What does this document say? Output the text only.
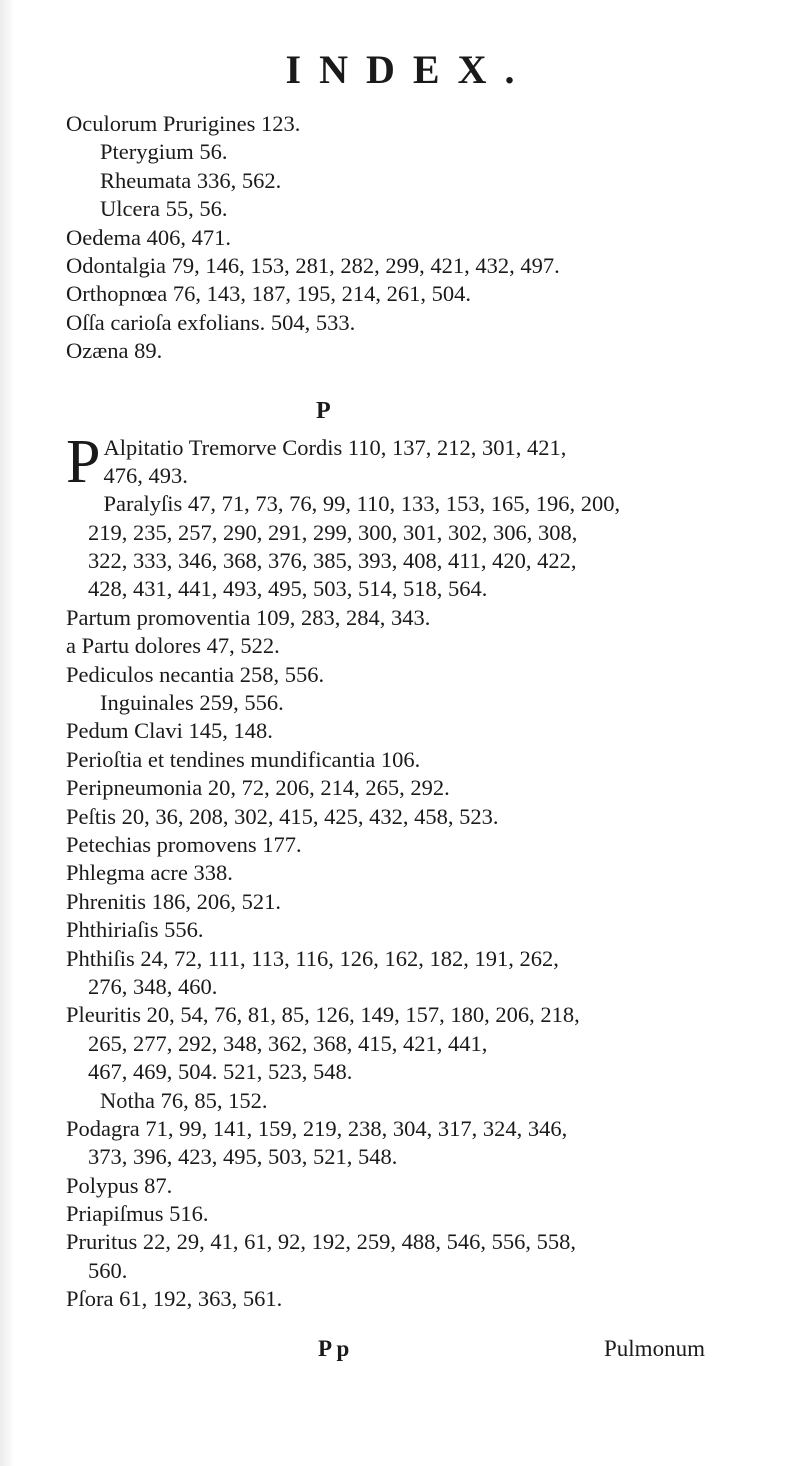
INDEX.
Oculorum Prurigines 123.
Pterygium 56.
Rheumata 336, 562.
Ulcera 55, 56.
Oedema 406, 471.
Odontalgia 79, 146, 153, 281, 282, 299, 421, 432, 497.
Orthopnœa 76, 143, 187, 195, 214, 261, 504.
Oſſa carioſa exfolians. 504, 533.
Ozæna 89.
P
P Alpitatio Tremorve Cordis 110, 137, 212, 301, 421,
476, 493.
Paralyſis 47, 71, 73, 76, 99, 110, 133, 153, 165, 196, 200,
219, 235, 257, 290, 291, 299, 300, 301, 302, 306, 308,
322, 333, 346, 368, 376, 385, 393, 408, 411, 420, 422,
428, 431, 441, 493, 495, 503, 514, 518, 564.
Partum promoventia 109, 283, 284, 343.
a Partu dolores 47, 522.
Pediculos necantia 258, 556.
Inguinales 259, 556.
Pedum Clavi 145, 148.
Perioſtia et tendines mundificantia 106.
Peripneumonia 20, 72, 206, 214, 265, 292.
Peſtis 20, 36, 208, 302, 415, 425, 432, 458, 523.
Petechias promovens 177.
Phlegma acre 338.
Phrenitis 186, 206, 521.
Phthiriaſis 556.
Phthiſis 24, 72, 111, 113, 116, 126, 162, 182, 191, 262,
276, 348, 460.
Pleuritis 20, 54, 76, 81, 85, 126, 149, 157, 180, 206, 218,
265, 277, 292, 348, 362, 368, 415, 421, 441,
467, 469, 504. 521, 523, 548.
Notha 76, 85, 152.
Podagra 71, 99, 141, 159, 219, 238, 304, 317, 324, 346,
373, 396, 423, 495, 503, 521, 548.
Polypus 87.
Priapiſmus 516.
Pruritus 22, 29, 41, 61, 92, 192, 259, 488, 546, 556, 558,
560.
Pſora 61, 192, 363, 561.
P p	Pulmonum
